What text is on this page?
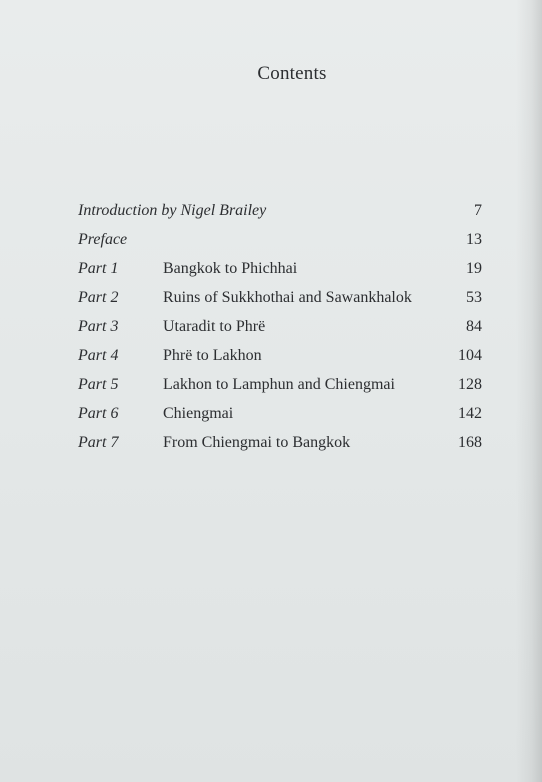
Contents
Introduction by Nigel Brailey	7
Preface	13
Part 1	Bangkok to Phichhai	19
Part 2	Ruins of Sukkhothai and Sawankhalok	53
Part 3	Utaradit to Phrë	84
Part 4	Phrë to Lakhon	104
Part 5	Lakhon to Lamphun and Chiengmai	128
Part 6	Chiengmai	142
Part 7	From Chiengmai to Bangkok	168
